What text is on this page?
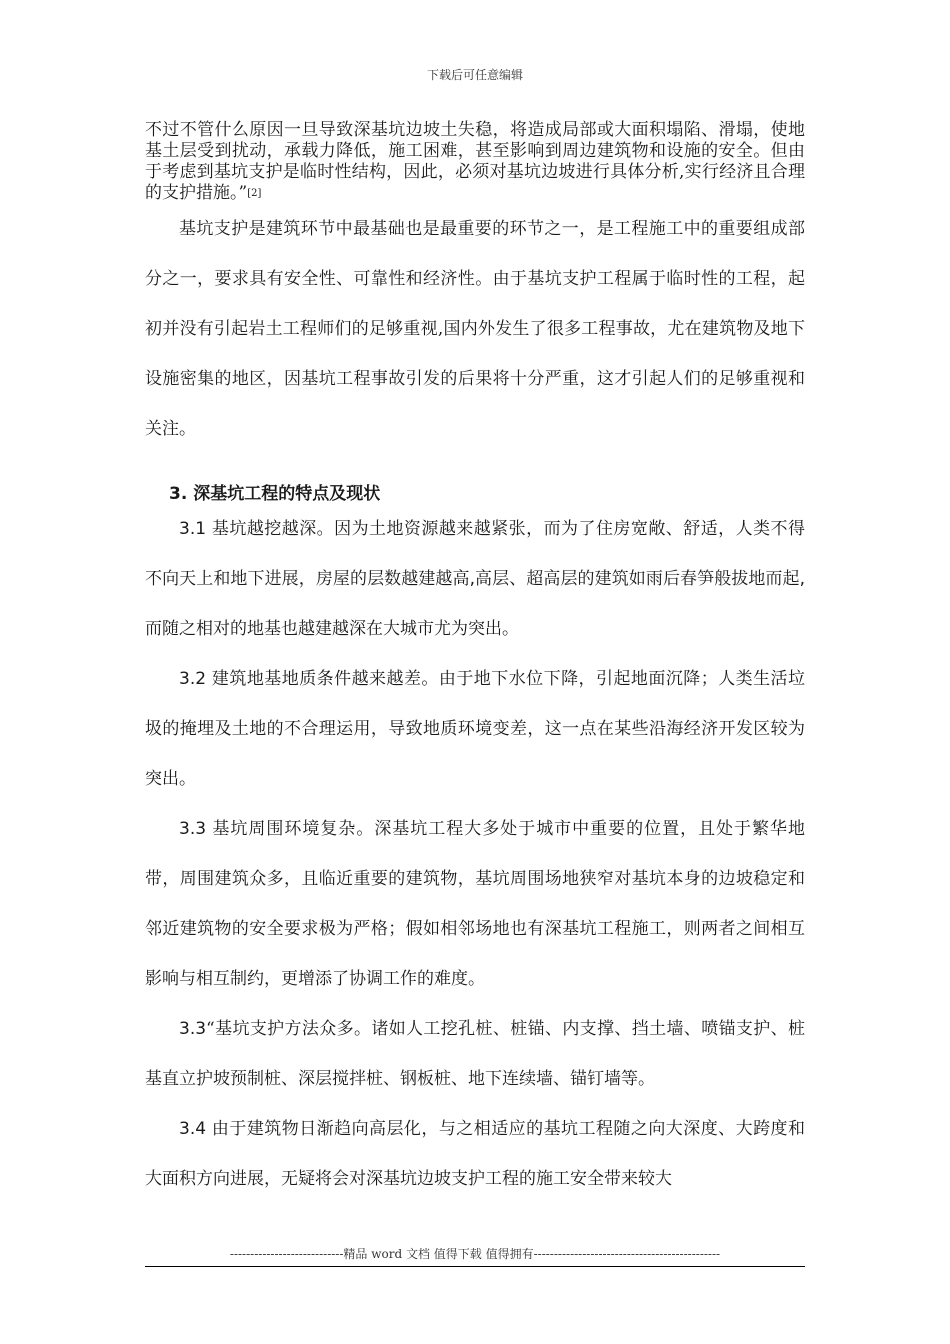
下载后可任意编辑

不过不管什么原因一旦导致深基坑边坡土失稳，将造成局部或大面积塌陷、滑塌，使地基土层受到扰动，承载力降低，施工困难，甚至影响到周边建筑物和设施的安全。但由于考虑到基坑支护是临时性结构，因此，必须对基坑边坡进行具体分析,实行经济且合理的支护措施。”[2]

基坑支护是建筑环节中最基础也是最重要的环节之一，是工程施工中的重要组成部分之一，要求具有安全性、可靠性和经济性。由于基坑支护工程属于临时性的工程，起初并没有引起岩土工程师们的足够重视,国内外发生了很多工程事故，尤在建筑物及地下设施密集的地区，因基坑工程事故引发的后果将十分严重，这才引起人们的足够重视和关注。

3. 深基坑工程的特点及现状

3.1 基坑越挖越深。因为土地资源越来越紧张，而为了住房宽敞、舒适，人类不得不向天上和地下进展，房屋的层数越建越高,高层、超高层的建筑如雨后春笋般拔地而起,而随之相对的地基也越建越深在大城市尤为突出。

3.2 建筑地基地质条件越来越差。由于地下水位下降，引起地面沉降；人类生活垃圾的掩埋及土地的不合理运用，导致地质环境变差，这一点在某些沿海经济开发区较为突出。

3.3 基坑周围环境复杂。深基坑工程大多处于城市中重要的位置，且处于繁华地带，周围建筑众多，且临近重要的建筑物，基坑周围场地狭窄对基坑本身的边坡稳定和邻近建筑物的安全要求极为严格；假如相邻场地也有深基坑工程施工，则两者之间相互影响与相互制约，更增添了协调工作的难度。

3.3“基坑支护方法众多。诸如人工挖孔桩、桩锚、内支撑、挡土墙、喷锚支护、桩基直立护坡预制桩、深层搅拌桩、钢板桩、地下连续墙、锚钉墙等。

3.4 由于建筑物日渐趋向高层化，与之相适应的基坑工程随之向大深度、大跨度和大面积方向进展，无疑将会对深基坑边坡支护工程的施工安全带来较大

----------------------------精品 word 文档 值得下载 值得拥有----------------------------------------------
